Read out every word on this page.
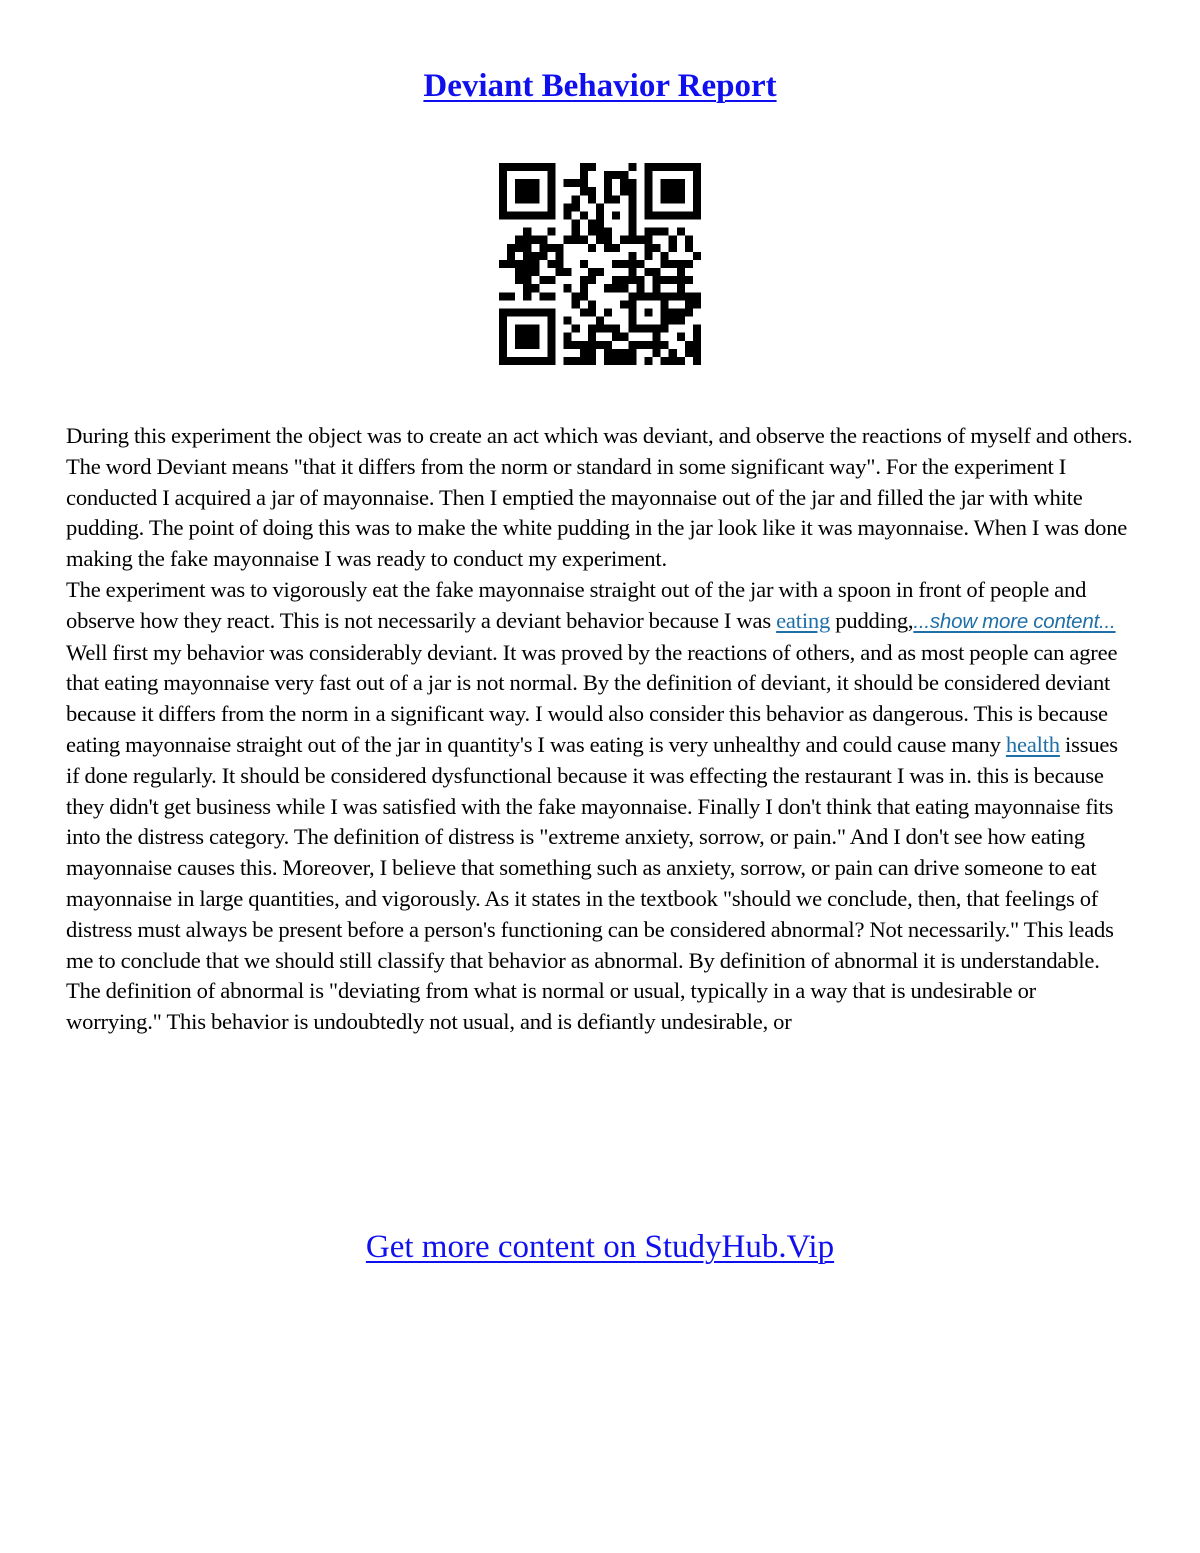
Deviant Behavior Report

During this experiment the object was to create an act which was deviant, and observe the reactions of myself and others. The word Deviant means "that it differs from the norm or standard in some significant way". For the experiment I conducted I acquired a jar of mayonnaise. Then I emptied the mayonnaise out of the jar and filled the jar with white pudding. The point of doing this was to make the white pudding in the jar look like it was mayonnaise. When I was done making the fake mayonnaise I was ready to conduct my experiment.

The experiment was to vigorously eat the fake mayonnaise straight out of the jar with a spoon in front of people and observe how they react. This is not necessarily a deviant behavior because I was eating pudding,...show more content...

Well first my behavior was considerably deviant. It was proved by the reactions of others, and as most people can agree that eating mayonnaise very fast out of a jar is not normal. By the definition of deviant, it should be considered deviant because it differs from the norm in a significant way. I would also consider this behavior as dangerous. This is because eating mayonnaise straight out of the jar in quantity's I was eating is very unhealthy and could cause many health issues if done regularly. It should be considered dysfunctional because it was effecting the restaurant I was in. this is because they didn't get business while I was satisfied with the fake mayonnaise. Finally I don't think that eating mayonnaise fits into the distress category. The definition of distress is "extreme anxiety, sorrow, or pain." And I don't see how eating mayonnaise causes this. Moreover, I believe that something such as anxiety, sorrow, or pain can drive someone to eat mayonnaise in large quantities, and vigorously. As it states in the textbook "should we conclude, then, that feelings of distress must always be present before a person's functioning can be considered abnormal? Not necessarily." This leads me to conclude that we should still classify that behavior as abnormal. By definition of abnormal it is understandable. The definition of abnormal is "deviating from what is normal or usual, typically in a way that is undesirable or worrying." This behavior is undoubtedly not usual, and is defiantly undesirable, or

Get more content on StudyHub.Vip
